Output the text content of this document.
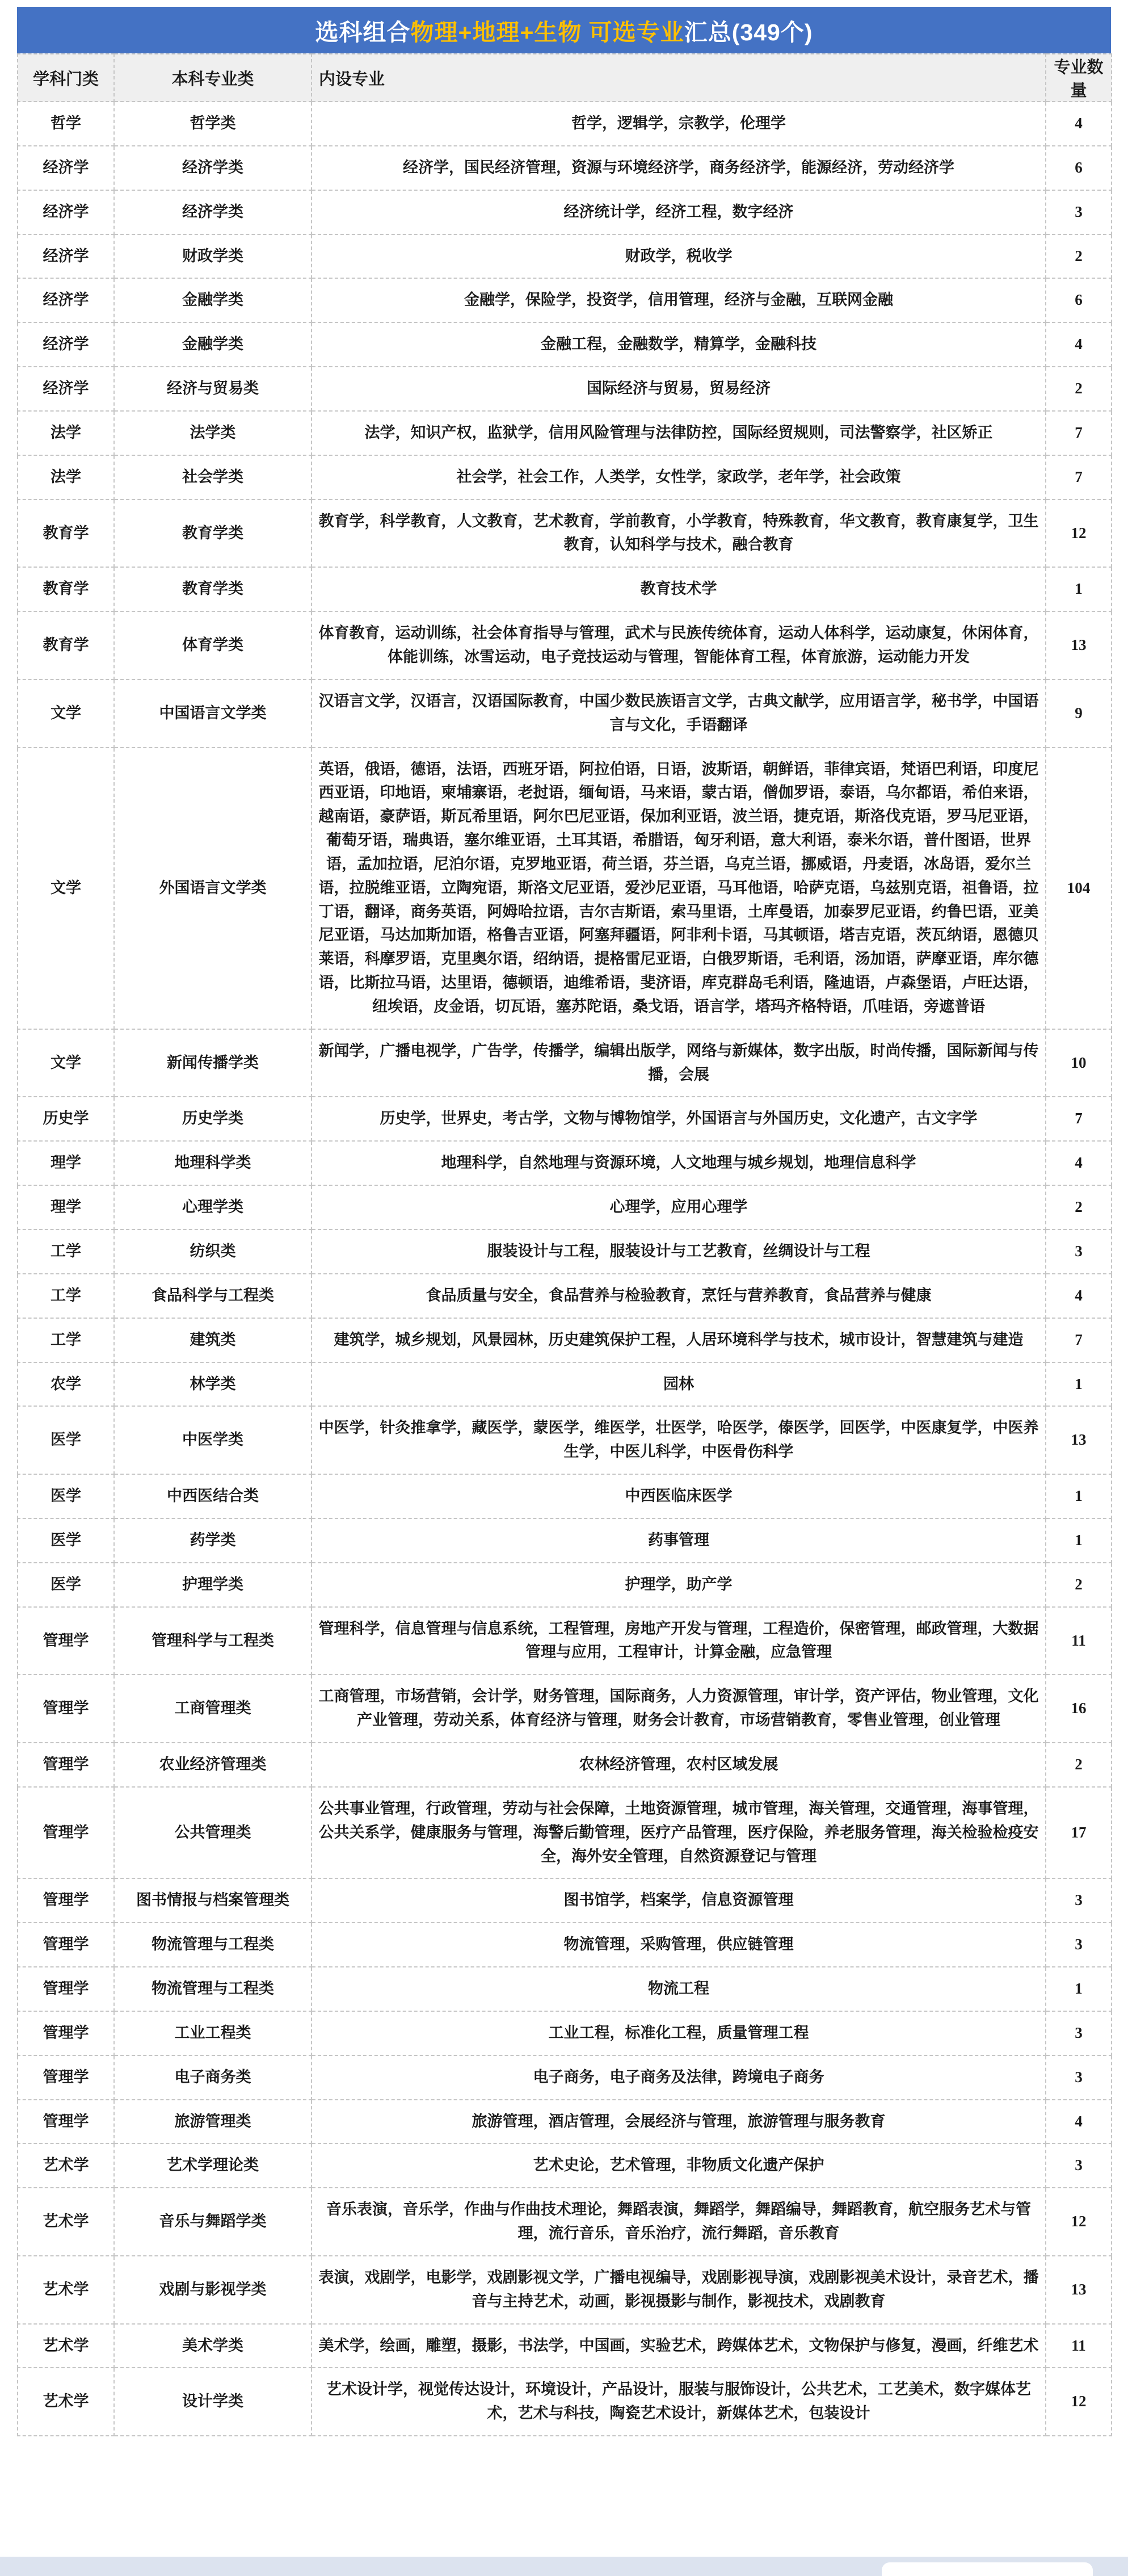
选科组合 物理+地理+生物 可选专业 汇总(349个)
学科门类	本科专业类	内设专业	专业数量
哲学	哲学类	哲学，逻辑学，宗教学，伦理学	4
经济学	经济学类	经济学，国民经济管理，资源与环境经济学，商务经济学，能源经济，劳动经济学	6
经济学	经济学类	经济统计学，经济工程，数字经济	3
经济学	财政学类	财政学，税收学	2
经济学	金融学类	金融学，保险学，投资学，信用管理，经济与金融，互联网金融	6
经济学	金融学类	金融工程，金融数学，精算学，金融科技	4
经济学	经济与贸易类	国际经济与贸易，贸易经济	2
法学	法学类	法学，知识产权，监狱学，信用风险管理与法律防控，国际经贸规则，司法警察学，社区矫正	7
法学	社会学类	社会学，社会工作，人类学，女性学，家政学，老年学，社会政策	7
教育学	教育学类	教育学，科学教育，人文教育，艺术教育，学前教育，小学教育，特殊教育，华文教育，教育康复学，卫生教育，认知科学与技术，融合教育	12
教育学	教育学类	教育技术学	1
教育学	体育学类	体育教育，运动训练，社会体育指导与管理，武术与民族传统体育，运动人体科学，运动康复，休闲体育，体能训练，冰雪运动，电子竞技运动与管理，智能体育工程，体育旅游，运动能力开发	13
文学	中国语言文学类	汉语言文学，汉语言，汉语国际教育，中国少数民族语言文学，古典文献学，应用语言学，秘书学，中国语言与文化，手语翻译	9
文学	外国语言文学类	英语，俄语，德语，法语，西班牙语，阿拉伯语，日语，波斯语，朝鲜语，菲律宾语，梵语巴利语，印度尼西亚语，印地语，柬埔寨语，老挝语，缅甸语，马来语，蒙古语，僧伽罗语，泰语，乌尔都语，希伯来语，越南语，豪萨语，斯瓦希里语，阿尔巴尼亚语，保加利亚语，波兰语，捷克语，斯洛伐克语，罗马尼亚语，葡萄牙语，瑞典语，塞尔维亚语，土耳其语，希腊语，匈牙利语，意大利语，泰米尔语，普什图语，世界语，孟加拉语，尼泊尔语，克罗地亚语，荷兰语，芬兰语，乌克兰语，挪威语，丹麦语，冰岛语，爱尔兰语，拉脱维亚语，立陶宛语，斯洛文尼亚语，爱沙尼亚语，马耳他语，哈萨克语，乌兹别克语，祖鲁语，拉丁语，翻译，商务英语，阿姆哈拉语，吉尔吉斯语，索马里语，土库曼语，加泰罗尼亚语，约鲁巴语，亚美尼亚语，马达加斯加语，格鲁吉亚语，阿塞拜疆语，阿非利卡语，马其顿语，塔吉克语，茨瓦纳语，恩德贝莱语，科摩罗语，克里奥尔语，绍纳语，提格雷尼亚语，白俄罗斯语，毛利语，汤加语，萨摩亚语，库尔德语，比斯拉马语，达里语，德顿语，迪维希语，斐济语，库克群岛毛利语，隆迪语，卢森堡语，卢旺达语，纽埃语，皮金语，切瓦语，塞苏陀语，桑戈语，语言学，塔玛齐格特语，爪哇语，旁遮普语	104
文学	新闻传播学类	新闻学，广播电视学，广告学，传播学，编辑出版学，网络与新媒体，数字出版，时尚传播，国际新闻与传播，会展	10
历史学	历史学类	历史学，世界史，考古学，文物与博物馆学，外国语言与外国历史，文化遗产，古文字学	7
理学	地理科学类	地理科学，自然地理与资源环境，人文地理与城乡规划，地理信息科学	4
理学	心理学类	心理学，应用心理学	2
工学	纺织类	服装设计与工程，服装设计与工艺教育，丝绸设计与工程	3
工学	食品科学与工程类	食品质量与安全，食品营养与检验教育，烹饪与营养教育，食品营养与健康	4
工学	建筑类	建筑学，城乡规划，风景园林，历史建筑保护工程，人居环境科学与技术，城市设计，智慧建筑与建造	7
农学	林学类	园林	1
医学	中医学类	中医学，针灸推拿学，藏医学，蒙医学，维医学，壮医学，哈医学，傣医学，回医学，中医康复学，中医养生学，中医儿科学，中医骨伤科学	13
医学	中西医结合类	中西医临床医学	1
医学	药学类	药事管理	1
医学	护理学类	护理学，助产学	2
管理学	管理科学与工程类	管理科学，信息管理与信息系统，工程管理，房地产开发与管理，工程造价，保密管理，邮政管理，大数据管理与应用，工程审计，计算金融，应急管理	11
管理学	工商管理类	工商管理，市场营销，会计学，财务管理，国际商务，人力资源管理，审计学，资产评估，物业管理，文化产业管理，劳动关系，体育经济与管理，财务会计教育，市场营销教育，零售业管理，创业管理	16
管理学	农业经济管理类	农林经济管理，农村区域发展	2
管理学	公共管理类	公共事业管理，行政管理，劳动与社会保障，土地资源管理，城市管理，海关管理，交通管理，海事管理，公共关系学，健康服务与管理，海警后勤管理，医疗产品管理，医疗保险，养老服务管理，海关检验检疫安全，海外安全管理，自然资源登记与管理	17
管理学	图书情报与档案管理类	图书馆学，档案学，信息资源管理	3
管理学	物流管理与工程类	物流管理，采购管理，供应链管理	3
管理学	物流管理与工程类	物流工程	1
管理学	工业工程类	工业工程，标准化工程，质量管理工程	3
管理学	电子商务类	电子商务，电子商务及法律，跨境电子商务	3
管理学	旅游管理类	旅游管理，酒店管理，会展经济与管理，旅游管理与服务教育	4
艺术学	艺术学理论类	艺术史论，艺术管理，非物质文化遗产保护	3
艺术学	音乐与舞蹈学类	音乐表演，音乐学，作曲与作曲技术理论，舞蹈表演，舞蹈学，舞蹈编导，舞蹈教育，航空服务艺术与管理，流行音乐，音乐治疗，流行舞蹈，音乐教育	12
艺术学	戏剧与影视学类	表演，戏剧学，电影学，戏剧影视文学，广播电视编导，戏剧影视导演，戏剧影视美术设计，录音艺术，播音与主持艺术，动画，影视摄影与制作，影视技术，戏剧教育	13
艺术学	美术学类	美术学，绘画，雕塑，摄影，书法学，中国画，实验艺术，跨媒体艺术，文物保护与修复，漫画，纤维艺术	11
艺术学	设计学类	艺术设计学，视觉传达设计，环境设计，产品设计，服装与服饰设计，公共艺术，工艺美术，数字媒体艺术，艺术与科技，陶瓷艺术设计，新媒体艺术，包装设计	12
